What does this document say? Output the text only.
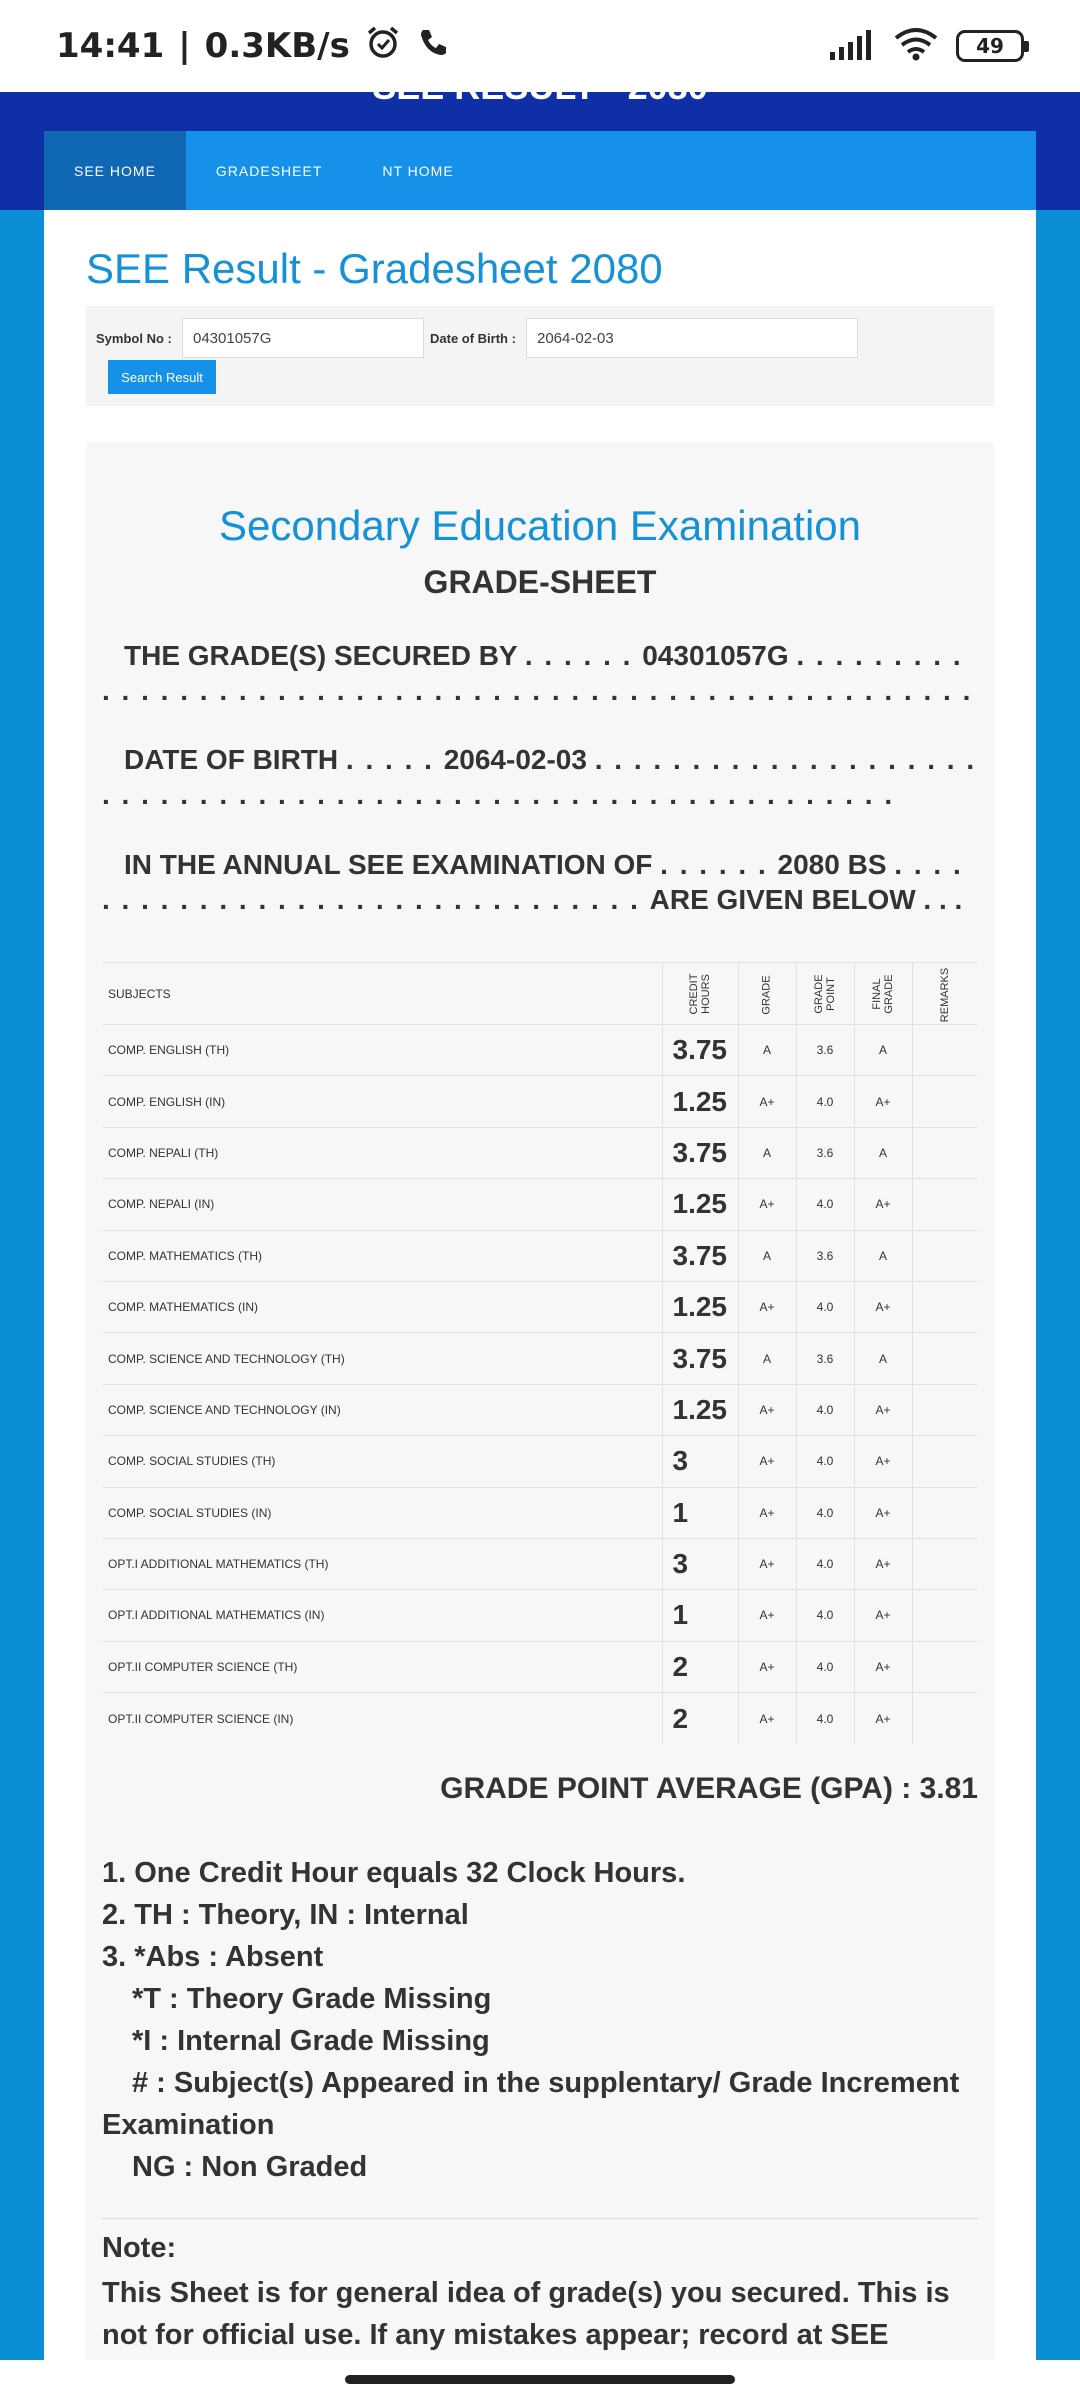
14:41 | 0.3KB/s	49
SEE RESULT - 2080
SEE HOME	GRADESHEET	NT HOME
SEE Result - Gradesheet 2080
Symbol No :	04301057G	Date of Birth :	2064-02-03
Search Result
Secondary Education Examination
GRADE-SHEET
THE GRADE(S) SECURED BY . . . . . . 04301057G . . . . . . . . . . . . . . . . . . . . . . . . . . . . . . . . . . . . . . . . . . . . . . . . . . . . . .
DATE OF BIRTH . . . . . 2064-02-03 . . . . . . . . . . . . . . . . . . . . . . . . . . . . . . . . . . . . . . . . . . . . . . . . . . . . . . . . . . . . .
IN THE ANNUAL SEE EXAMINATION OF . . . . . . 2080 BS . . . . . . . . . . . . . . . . . . . . . . . . . . . . . . . . ARE GIVEN BELOW . . .
SUBJECTS	CREDIT HOURS	GRADE	GRADE POINT	FINAL GRADE	REMARKS
COMP. ENGLISH (TH)	3.75	A	3.6	A	
COMP. ENGLISH (IN)	1.25	A+	4.0	A+	
COMP. NEPALI (TH)	3.75	A	3.6	A	
COMP. NEPALI (IN)	1.25	A+	4.0	A+	
COMP. MATHEMATICS (TH)	3.75	A	3.6	A	
COMP. MATHEMATICS (IN)	1.25	A+	4.0	A+	
COMP. SCIENCE AND TECHNOLOGY (TH)	3.75	A	3.6	A	
COMP. SCIENCE AND TECHNOLOGY (IN)	1.25	A+	4.0	A+	
COMP. SOCIAL STUDIES (TH)	3	A+	4.0	A+	
COMP. SOCIAL STUDIES (IN)	1	A+	4.0	A+	
OPT.I ADDITIONAL MATHEMATICS (TH)	3	A+	4.0	A+	
OPT.I ADDITIONAL MATHEMATICS (IN)	1	A+	4.0	A+	
OPT.II COMPUTER SCIENCE (TH)	2	A+	4.0	A+	
OPT.II COMPUTER SCIENCE (IN)	2	A+	4.0	A+	
GRADE POINT AVERAGE (GPA) : 3.81
1. One Credit Hour equals 32 Clock Hours.
2. TH : Theory, IN : Internal
3. *Abs : Absent
*T : Theory Grade Missing
*I : Internal Grade Missing
# : Subject(s) Appeared in the supplentary/ Grade Increment
Examination
NG : Non Graded
Note:
This Sheet is for general idea of grade(s) you secured. This is not for official use. If any mistakes appear; record at SEE
